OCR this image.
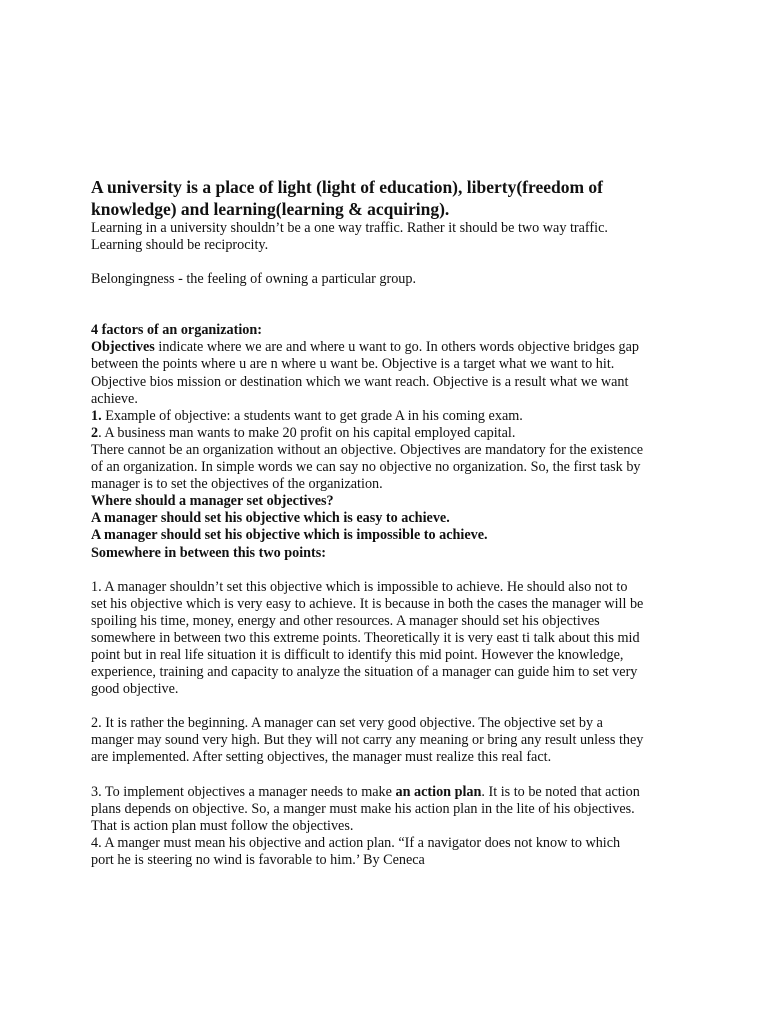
A university is a place of light (light of education), liberty(freedom of
knowledge) and learning(learning & acquiring).

Learning in a university shouldn’t be a one way traffic. Rather it should be two way traffic.
Learning should be reciprocity.

Belongingness - the feeling of owning a particular group.

4 factors of an organization:
Objectives indicate where we are and where u want to go. In others words objective bridges gap
between the points where u are n where u want be. Objective is a target what we want to hit.
Objective bios mission or destination which we want reach. Objective is a result what we want
achieve.
1. Example of objective: a students want to get grade A in his coming exam.
2. A business man wants to make 20 profit on his capital employed capital.
There cannot be an organization without an objective. Objectives are mandatory for the existence
of an organization. In simple words we can say no objective no organization. So, the first task by
manager is to set the objectives of the organization.
Where should a manager set objectives?
A manager should set his objective which is easy to achieve.
A manager should set his objective which is impossible to achieve.
Somewhere in between this two points:

1. A manager shouldn’t set this objective which is impossible to achieve. He should also not to
set his objective which is very easy to achieve. It is because in both the cases the manager will be
spoiling his time, money, energy and other resources. A manager should set his objectives
somewhere in between two this extreme points. Theoretically it is very east ti talk about this mid
point but in real life situation it is difficult to identify this mid point. However the knowledge,
experience, training and capacity to analyze the situation of a manager can guide him to set very
good objective.

2. It is rather the beginning. A manager can set very good objective. The objective set by a
manger may sound very high. But they will not carry any meaning or bring any result unless they
are implemented. After setting objectives, the manager must realize this real fact.

3. To implement objectives a manager needs to make an action plan. It is to be noted that action
plans depends on objective. So, a manger must make his action plan in the lite of his objectives.
That is action plan must follow the objectives.

4. A manger must mean his objective and action plan. “If a navigator does not know to which
port he is steering no wind is favorable to him.’ By Ceneca
